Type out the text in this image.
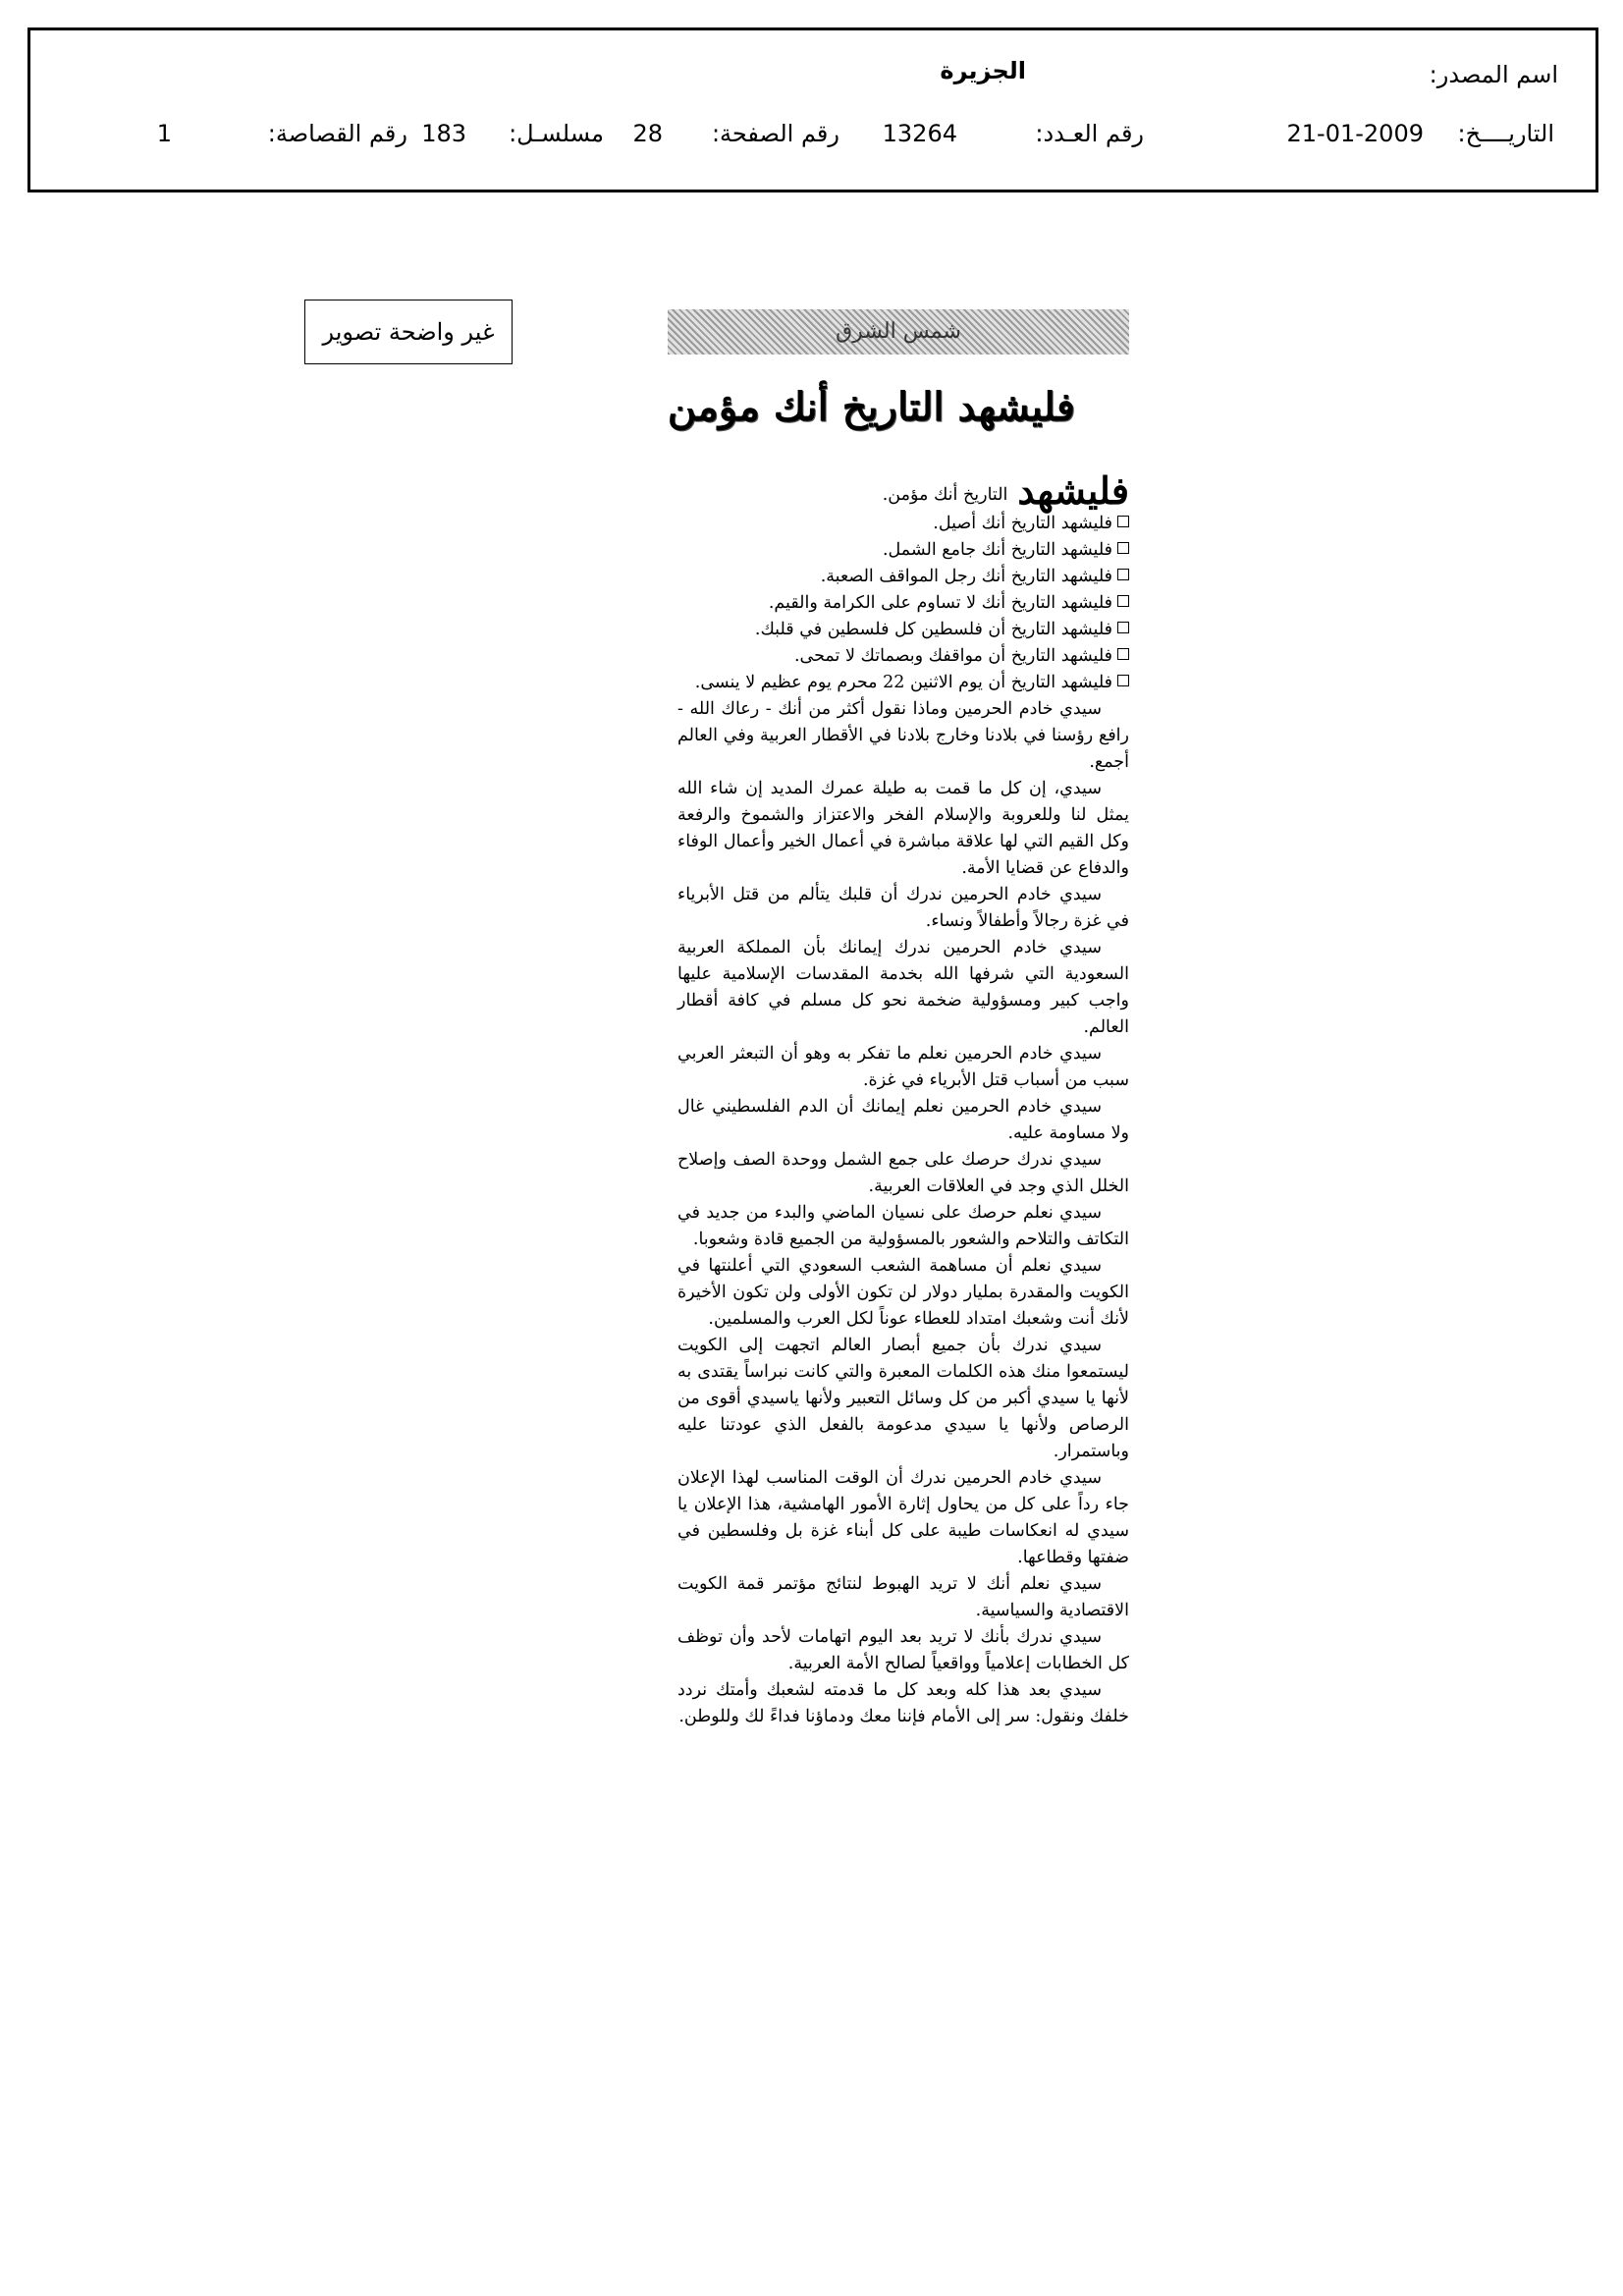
اسم المصدر:
الجزيرة
التاريــــخ:
21-01-2009
رقم العـدد:
13264
رقم الصفحة:
28
مسلسـل:
183
رقم القصاصة:
1
غير واضحة تصوير	شمس الشرق
فليشهد التاريخ أنك مؤمن

فليشهدالتاريخ أنك مؤمن.

فليشهد التاريخ أنك أصيل.
فليشهد التاريخ أنك جامع الشمل.
فليشهد التاريخ أنك رجل المواقف الصعبة.
فليشهد التاريخ أنك لا تساوم على الكرامة والقيم.
فليشهد التاريخ أن فلسطين كل فلسطين في قلبك.
فليشهد التاريخ أن مواقفك وبصماتك لا تمحى.
فليشهد التاريخ أن يوم الاثنين 22 محرم يوم عظيم لا ينسى.

سيدي خادم الحرمين وماذا نقول أكثر من أنك - رعاك الله - رافع رؤسنا في بلادنا وخارج بلادنا في الأقطار العربية وفي العالم أجمع.

سيدي، إن كل ما قمت به طيلة عمرك المديد إن شاء الله يمثل لنا وللعروبة والإسلام الفخر والاعتزاز والشموخ والرفعة وكل القيم التي لها علاقة مباشرة في أعمال الخير وأعمال الوفاء والدفاع عن قضايا الأمة.

سيدي خادم الحرمين ندرك أن قلبك يتألم من قتل الأبرياء في غزة رجالاً وأطفالاً ونساء.

سيدي خادم الحرمين ندرك إيمانك بأن المملكة العربية السعودية التي شرفها الله بخدمة المقدسات الإسلامية عليها واجب كبير ومسؤولية ضخمة نحو كل مسلم في كافة أقطار العالم.

سيدي خادم الحرمين نعلم ما تفكر به وهو أن التبعثر العربي سبب من أسباب قتل الأبرياء في غزة.

سيدي خادم الحرمين نعلم إيمانك أن الدم الفلسطيني غال ولا مساومة عليه.

سيدي ندرك حرصك على جمع الشمل ووحدة الصف وإصلاح الخلل الذي وجد في العلاقات العربية.

سيدي نعلم حرصك على نسيان الماضي والبدء من جديد في التكاتف والتلاحم والشعور بالمسؤولية من الجميع قادة وشعوبا.

سيدي نعلم أن مساهمة الشعب السعودي التي أعلنتها في الكويت والمقدرة بمليار دولار لن تكون الأولى ولن تكون الأخيرة لأنك أنت وشعبك امتداد للعطاء عوناً لكل العرب والمسلمين.

سيدي ندرك بأن جميع أبصار العالم اتجهت إلى الكويت ليستمعوا منك هذه الكلمات المعبرة والتي كانت نبراساً يقتدى به لأنها يا سيدي أكبر من كل وسائل التعبير ولأنها ياسيدي أقوى من الرصاص ولأنها يا سيدي مدعومة بالفعل الذي عودتنا عليه وباستمرار.

سيدي خادم الحرمين ندرك أن الوقت المناسب لهذا الإعلان جاء رداً على كل من يحاول إثارة الأمور الهامشية، هذا الإعلان يا سيدي له انعكاسات طيبة على كل أبناء غزة بل وفلسطين في ضفتها وقطاعها.

سيدي نعلم أنك لا تريد الهبوط لنتائج مؤتمر قمة الكويت الاقتصادية والسياسية.

سيدي ندرك بأنك لا تريد بعد اليوم اتهامات لأحد وأن توظف كل الخطابات إعلامياً وواقعياً لصالح الأمة العربية.

سيدي بعد هذا كله وبعد كل ما قدمته لشعبك وأمتك نردد خلفك ونقول: سر إلى الأمام فإننا معك ودماؤنا فداءً لك وللوطن.
